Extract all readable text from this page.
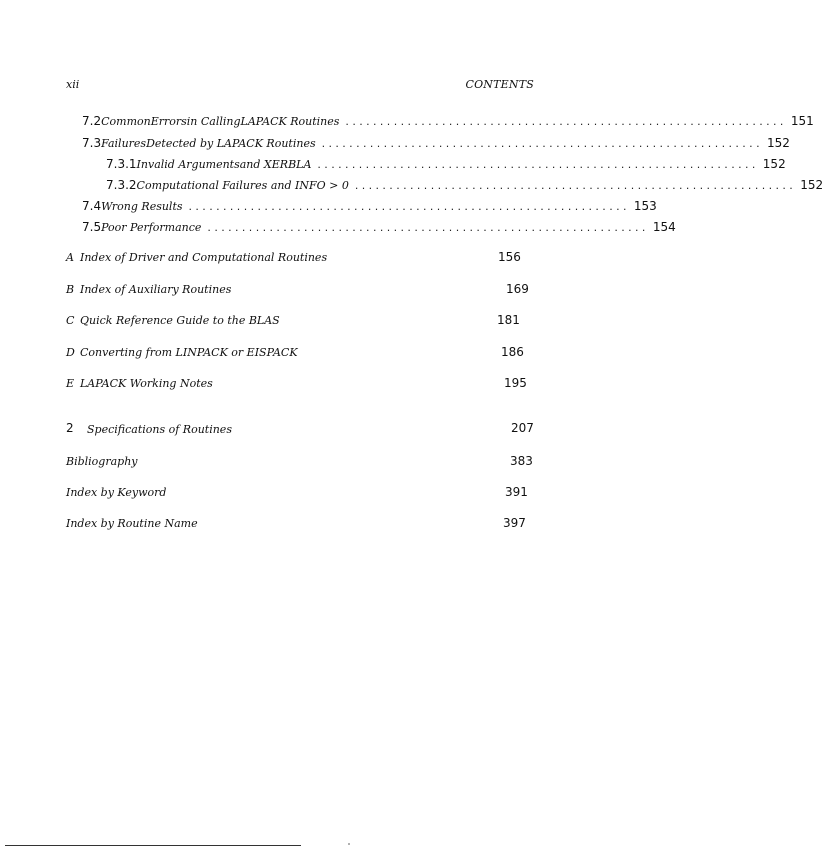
xii	CONTENTS
7.2 CommonErrorsin CallingLAPACK Routines ................................................................ 151
7.3 FailuresDetected by LAPACK Routines ................................................................ 152
7.3.1 Invalid Argumentsand XERBLA ................................................................ 152
7.3.2 Computational Failures and INFO > 0 ................................................................ 152
7.4 Wrong Results ................................................................ 153
7.5 Poor Performance ................................................................ 154
A Index of Driver and Computational Routines	156
B Index of Auxiliary Routines	169
C Quick Reference Guide to the BLAS	181
D Converting from LINPACK or EISPACK	186
E LAPACK Working Notes	195
2 Specifications of Routines	207
Bibliography	383
Index by Keyword	391
Index by Routine Name	397
